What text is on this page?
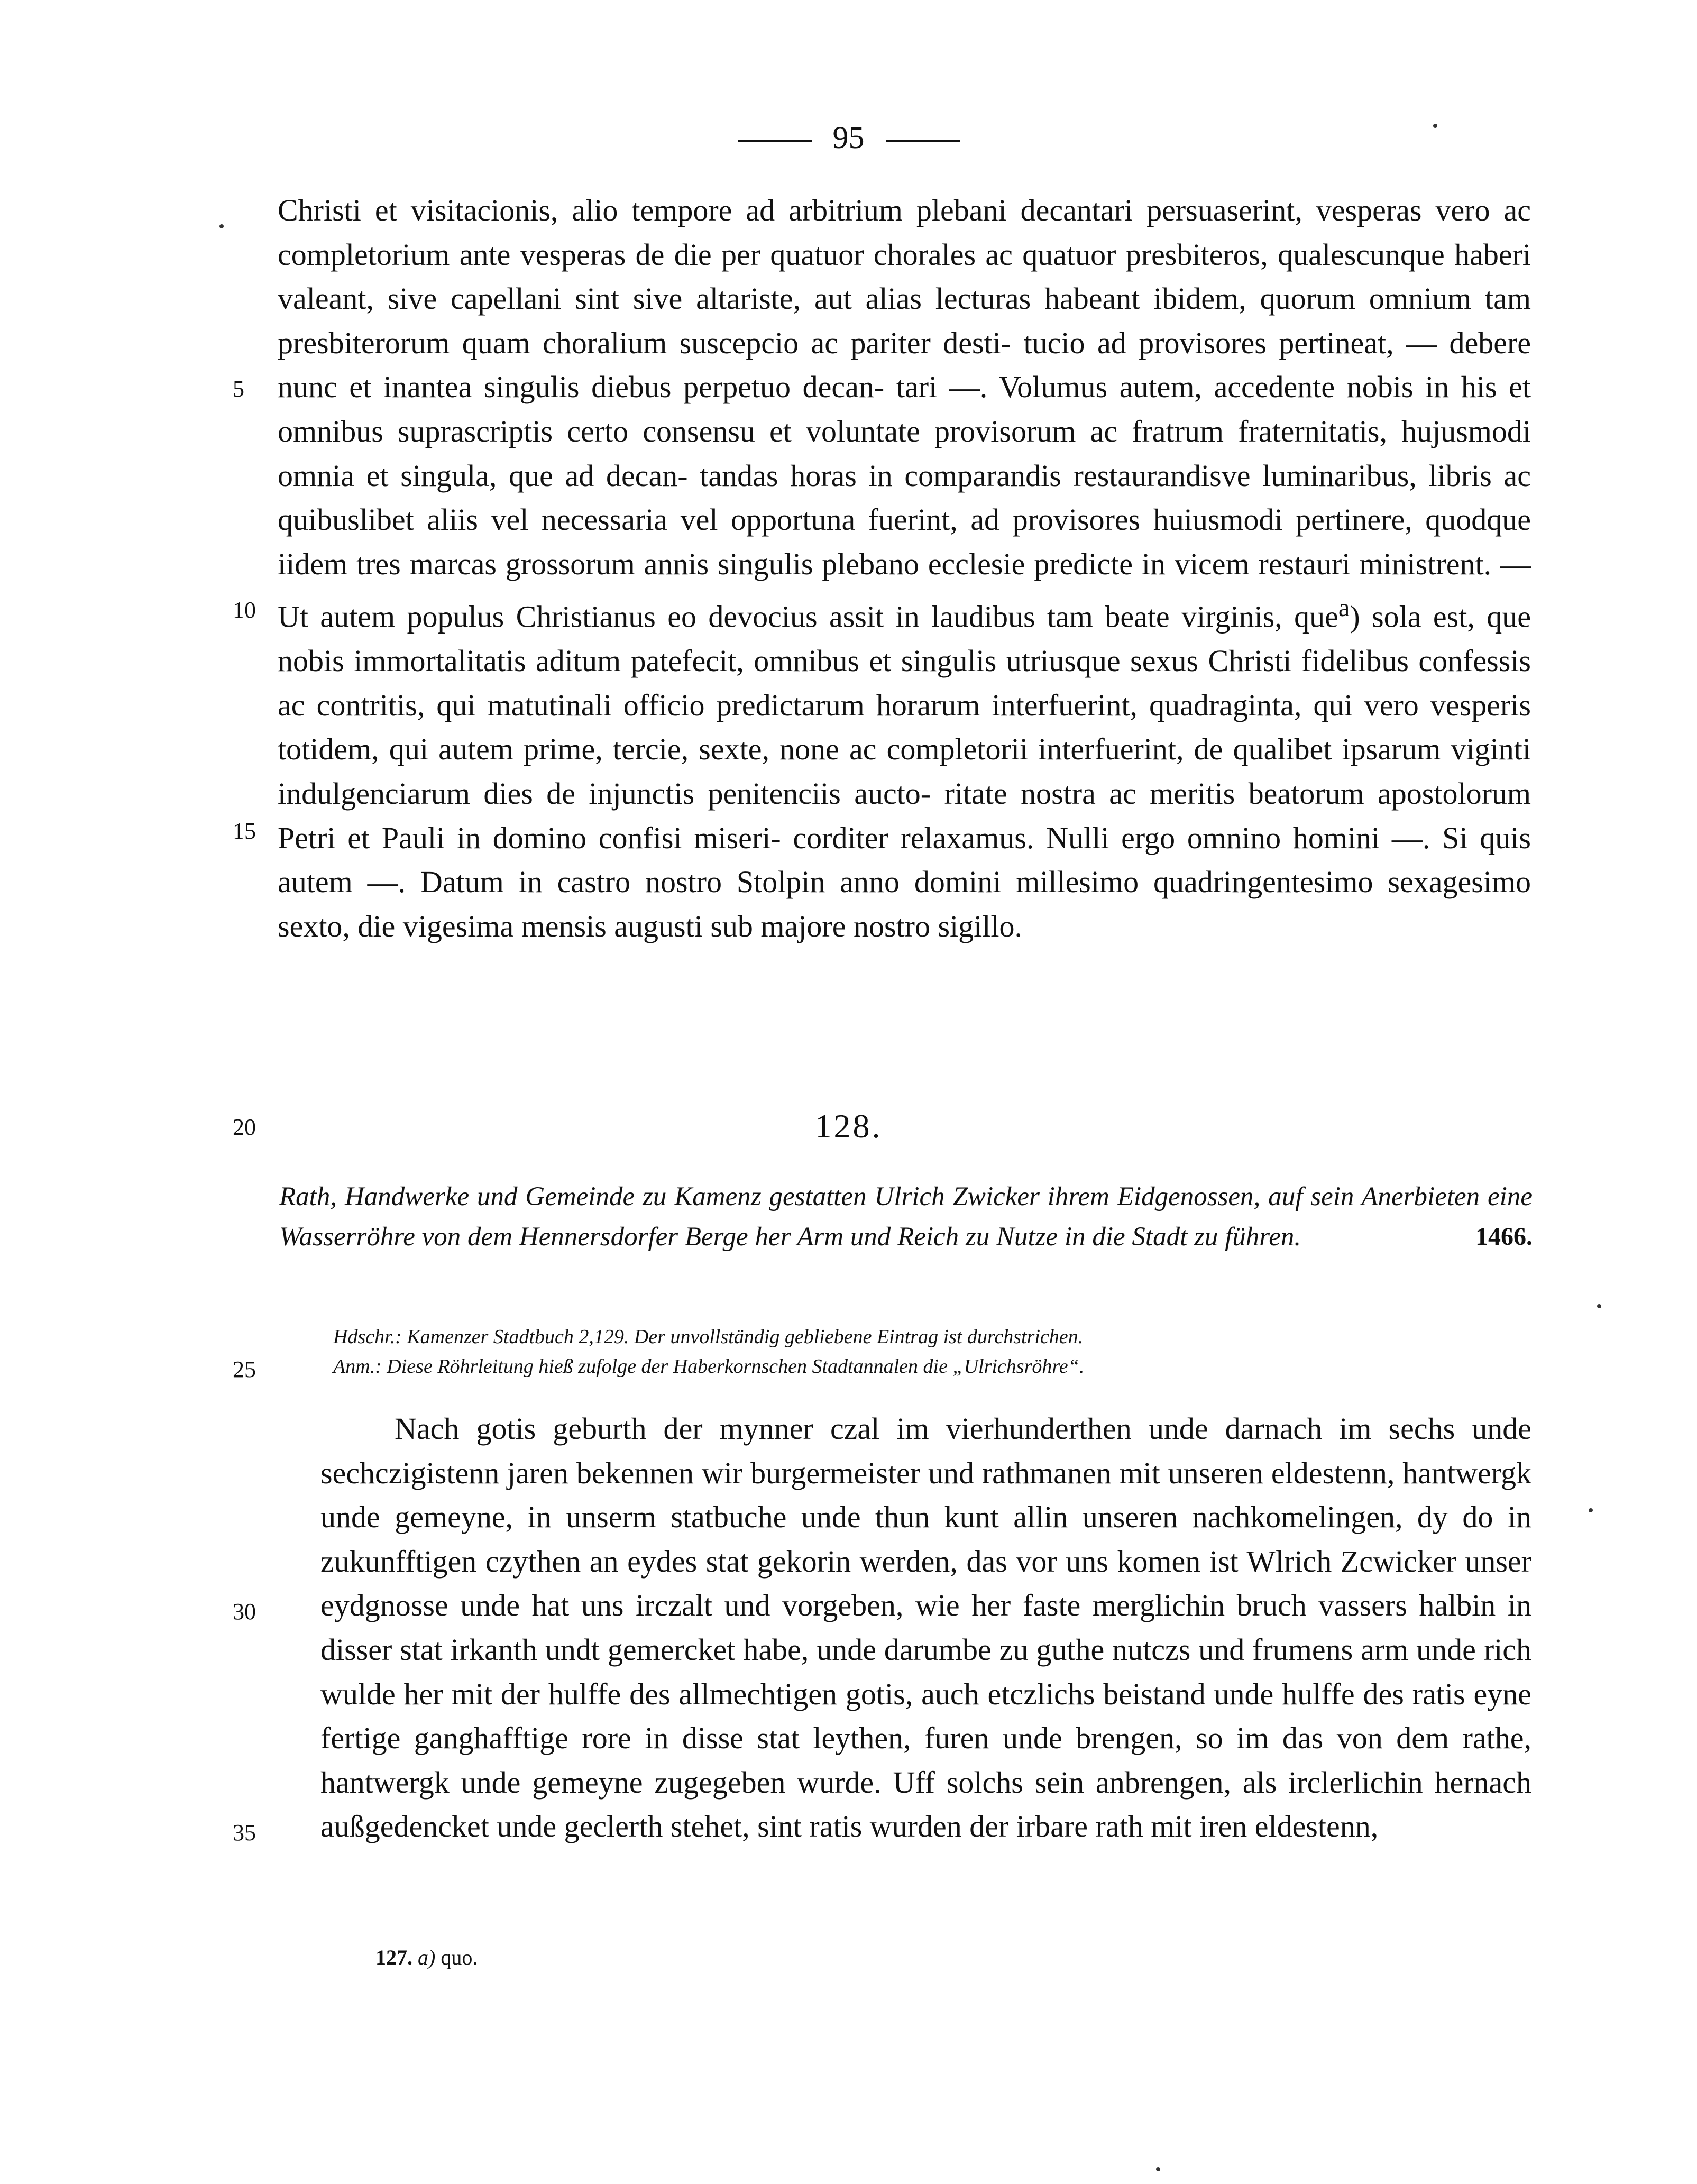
95
5
10
15
20
25
30
35

Christi et visitacionis, alio tempore ad arbitrium plebani decantari persuaserint, vesperas vero ac completorium ante vesperas de die per quatuor chorales ac quatuor presbiteros, qualescunque haberi valeant, sive capellani sint sive altariste, aut alias lecturas habeant ibidem, quorum omnium tam presbiterorum quam choralium suscepcio ac pariter desti- tucio ad provisores pertineat, — debere nunc et inantea singulis diebus perpetuo decan- tari —. Volumus autem, accedente nobis in his et omnibus suprascriptis certo consensu et voluntate provisorum ac fratrum fraternitatis, hujusmodi omnia et singula, que ad decan- tandas horas in comparandis restaurandisve luminaribus, libris ac quibuslibet aliis vel necessaria vel opportuna fuerint, ad provisores huiusmodi pertinere, quodque iidem tres marcas grossorum annis singulis plebano ecclesie predicte in vicem restauri ministrent. — Ut autem populus Christianus eo devocius assit in laudibus tam beate virginis, que$^a$) sola est, que nobis immortalitatis aditum patefecit, omnibus et singulis utriusque sexus Christi fidelibus confessis ac contritis, qui matutinali officio predictarum horarum interfuerint, quadraginta, qui vero vesperis totidem, qui autem prime, tercie, sexte, none ac completorii interfuerint, de qualibet ipsarum viginti indulgenciarum dies de injunctis penitenciis aucto- ritate nostra ac meritis beatorum apostolorum Petri et Pauli in domino confisi miseri- corditer relaxamus. Nulli ergo omnino homini —. Si quis autem —. Datum in castro nostro Stolpin anno domini millesimo quadringentesimo sexagesimo sexto, die vigesima mensis augusti sub majore nostro sigillo.

128.
Rath, Handwerke und Gemeinde zu Kamenz gestatten Ulrich Zwicker ihrem Eidgenossen, auf sein Anerbieten eine Wasserröhre von dem Hennersdorfer Berge her Arm und Reich zu Nutze in die Stadt zu führen.	1466.

Hdschr.: Kamenzer Stadtbuch 2,129. Der unvollständig gebliebene Eintrag ist durchstrichen.

Anm.: Diese Röhrleitung hieß zufolge der Haberkornschen Stadtannalen die „Ulrichsröhre“.

Nach gotis geburth der mynner czal im vierhunderthen unde darnach im sechs unde sechczigistenn jaren bekennen wir burgermeister und rathmanen mit unseren eldestenn, hantwergk unde gemeyne, in unserm statbuche unde thun kunt allin unseren nachkomelingen, dy do in zukunfftigen czythen an eydes stat gekorin werden, das vor uns komen ist Wlrich Zcwicker unser eydgnosse unde hat uns irczalt und vorgeben, wie her faste merglichin bruch vassers halbin in disser stat irkanth undt gemercket habe, unde darumbe zu guthe nutczs und frumens arm unde rich wulde her mit der hulffe des allmechtigen gotis, auch etczlichs beistand unde hulffe des ratis eyne fertige ganghafftige rore in disse stat leythen, furen unde brengen, so im das von dem rathe, hantwergk unde gemeyne zugegeben wurde. Uff solchs sein anbrengen, als irclerlichin hernach außgedencket unde geclerth stehet, sint ratis wurden der irbare rath mit iren eldestenn,

127. a) quo.
